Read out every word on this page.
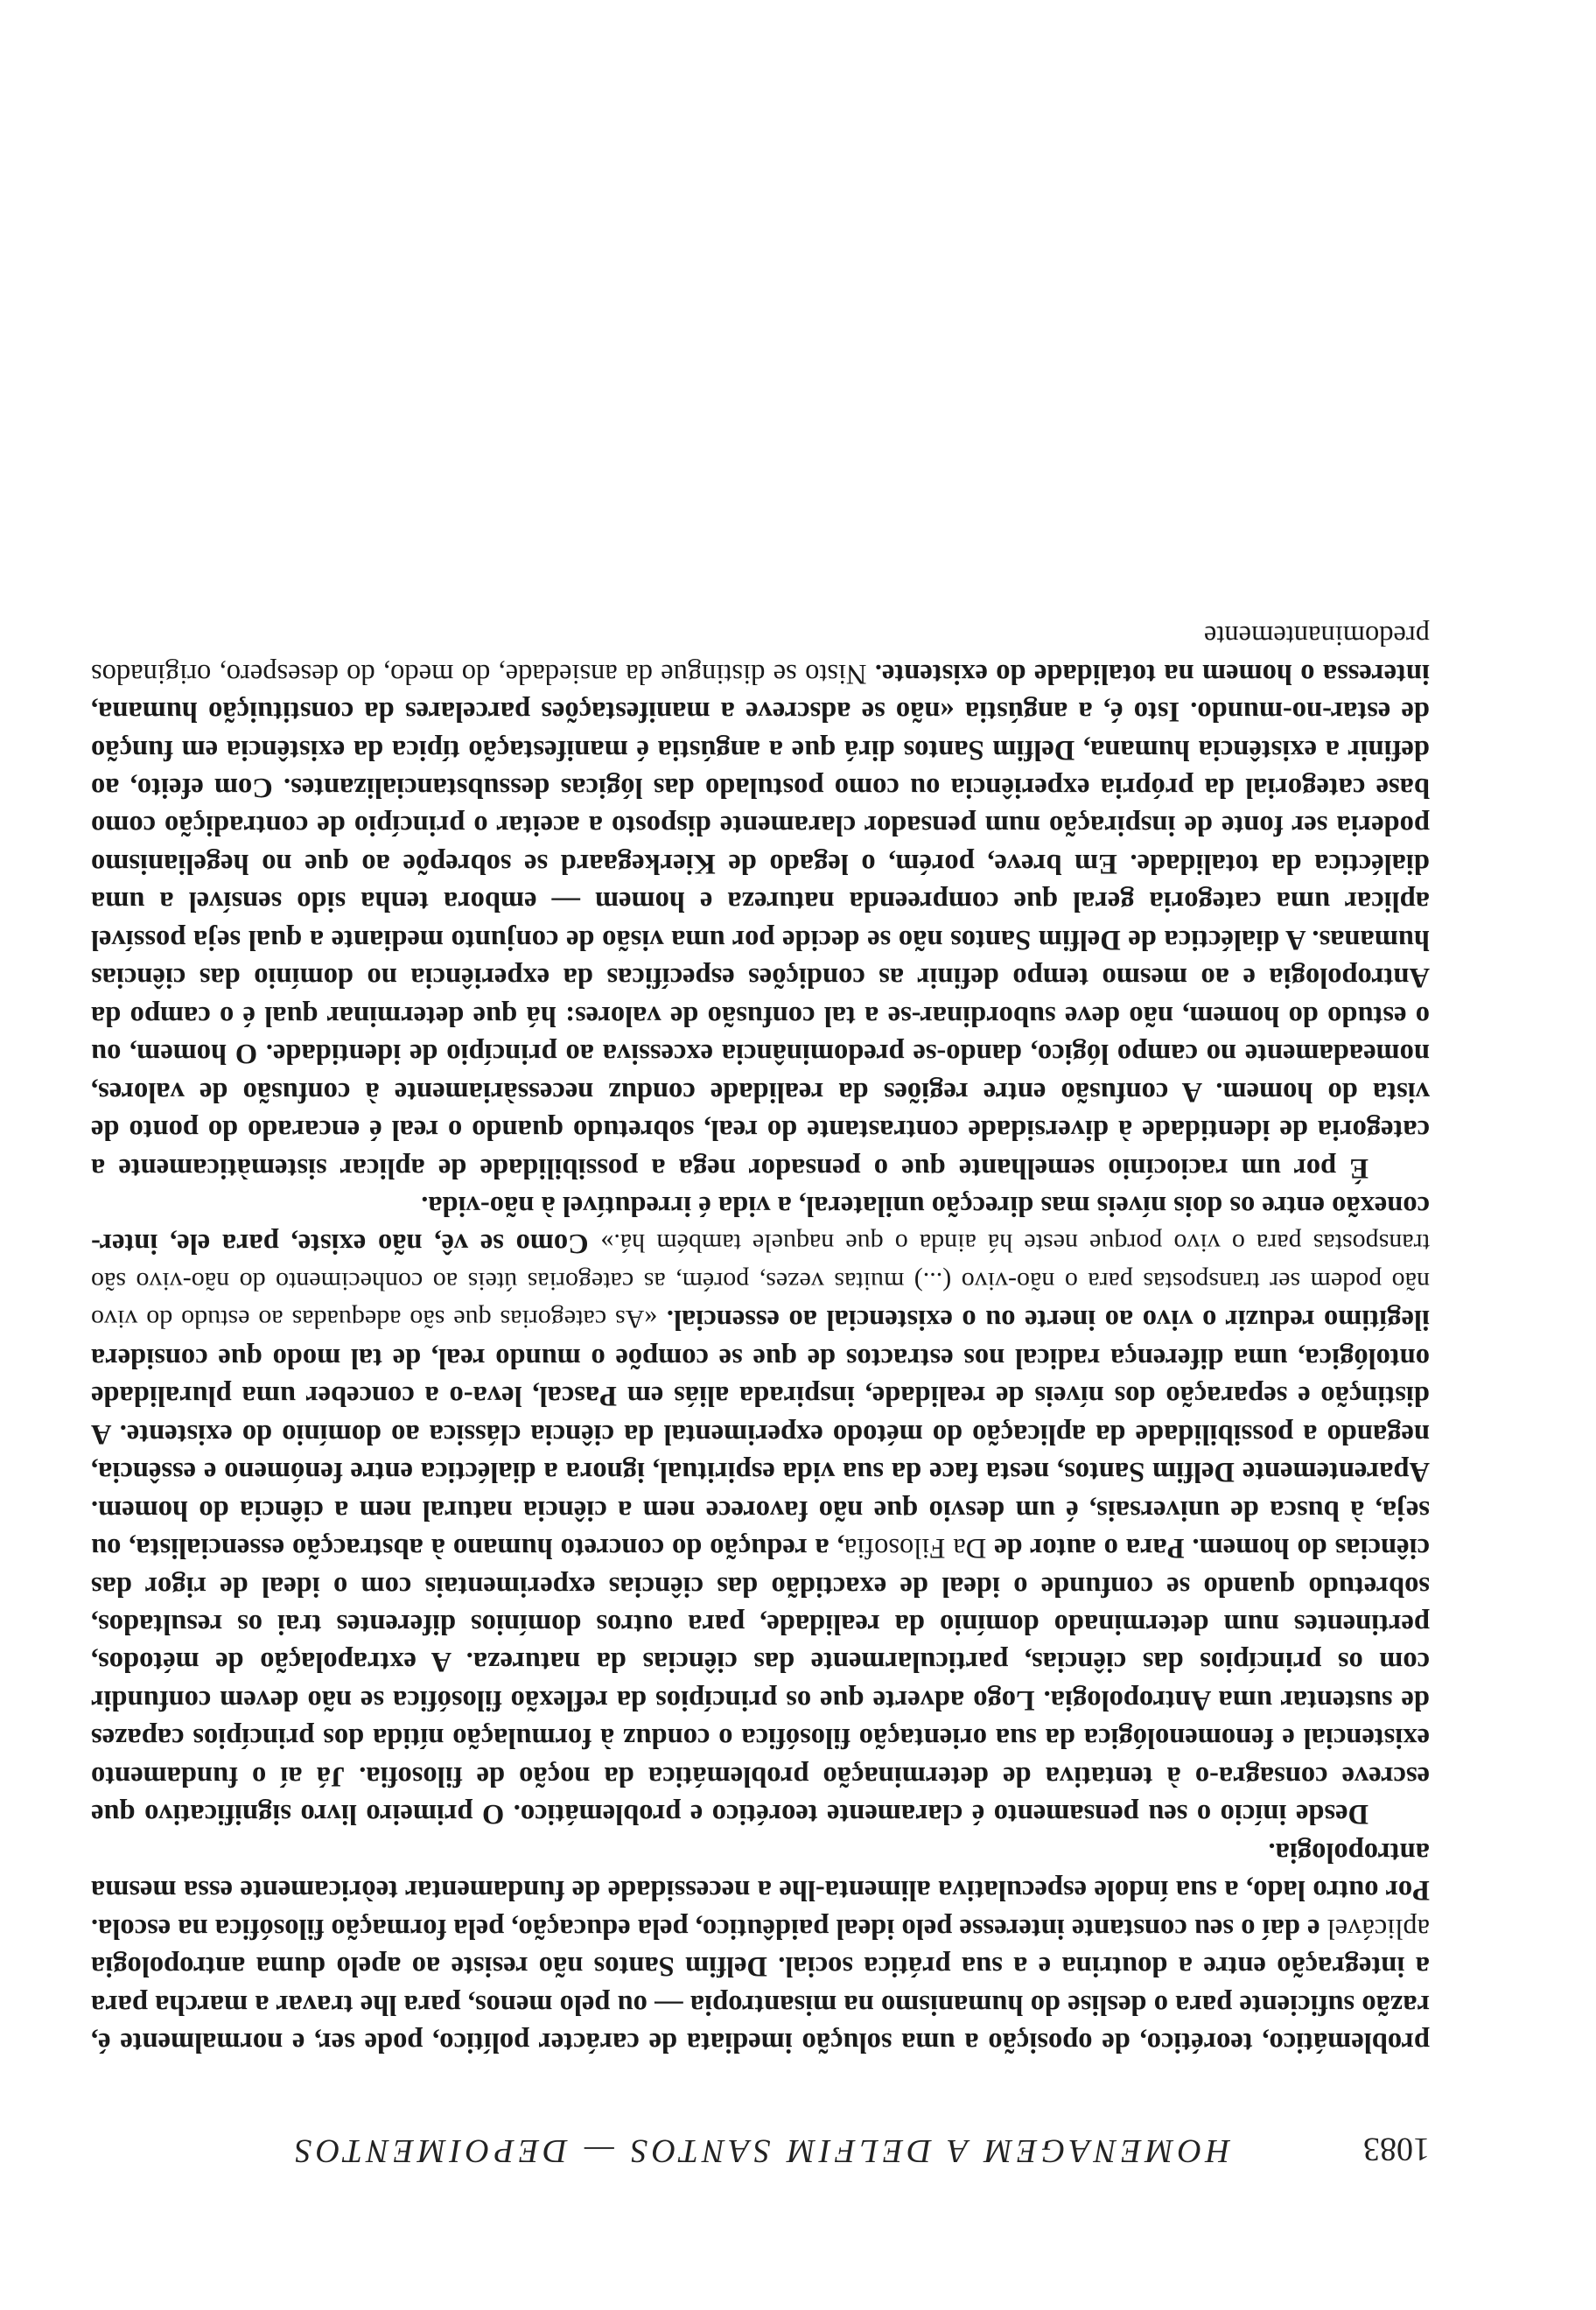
HOMENAGEM A DELFIM SANTOS — DEPOIMENTOS	1083

problemático, teorético, de oposição a uma solução imediata de carácter político, pode ser, e normalmente é, razão suficiente para o deslise do humanismo na misantropia — ou pelo menos, para lhe travar a marcha para a integração entre a doutrina e a sua prática social. Delfim Santos não resiste ao apelo duma antropologia aplicável e daí o seu constante interesse pelo ideal paidêutico, pela educação, pela formação filosófica na escola. Por outro lado, a sua índole especulativa alimenta-lhe a necessidade de fundamentar teòricamente essa mesma antropologia.

Desde início o seu pensamento é claramente teorético e problemático. O primeiro livro significativo que escreve consagra-o à tentativa de determinação problemática da noção de filosofia. Já aí o fundamento existencial e fenomenológica da sua orientação filosófica o conduz à formulação nítida dos princípios capazes de sustentar uma Antropologia. Logo adverte que os princípios da reflexão filosófica se não devem confundir com os princípios das ciências, particularmente das ciências da natureza. A extrapolação de métodos, pertinentes num determinado domínio da realidade, para outros domínios diferentes trai os resultados, sobretudo quando se confunde o ideal de exactidão das ciências experimentais com o ideal de rigor das ciências do homem. Para o autor de Da Filosofia, a redução do concreto humano à abstracção essencialista, ou seja, à busca de universais, é um desvio que não favorece nem a ciência natural nem a ciência do homem. Aparentemente Delfim Santos, nesta face da sua vida espiritual, ignora a dialéctica entre fenómeno e essência, negando a possibilidade da aplicação do método experimental da ciência clássica ao domínio do existente. A distinção e separação dos níveis de realidade, inspirada aliás em Pascal, leva-o a conceber uma pluralidade ontológica, uma diferença radical nos estractos de que se compõe o mundo real, de tal modo que considera ilegítimo reduzir o vivo ao inerte ou o existencial ao essencial. «As categorias que são adequadas ao estudo do vivo não podem ser transpostas para o não-vivo (...) muitas vezes, porém, as categorias úteis ao conhecimento do não-vivo são transpostas para o vivo porque neste há ainda o que naquele também há.» Como se vê, não existe, para ele, inter-conexão entre os dois níveis mas direcção unilateral, a vida é irredutível à não-vida.

É por um raciocínio semelhante que o pensador nega a possibilidade de aplicar sistemàticamente a categoria de identidade à diversidade contrastante do real, sobretudo quando o real é encarado do ponto de vista do homem. A confusão entre regiões da realidade conduz necessàriamente à confusão de valores, nomeadamente no campo lógico, dando-se predominância excessiva ao princípio de identidade. O homem, ou o estudo do homem, não deve subordinar-se a tal confusão de valores: há que determinar qual é o campo da Antropologia e ao mesmo tempo definir as condições específicas da experiência no domínio das ciências humanas. A dialéctica de Delfim Santos não se decide por uma visão de conjunto mediante a qual seja possível aplicar uma categoria geral que compreenda natureza e homem — embora tenha sido sensível a uma dialéctica da totalidade. Em breve, porém, o legado de Kierkegaard se sobrepõe ao que no hegelianismo poderia ser fonte de inspiração num pensador claramente disposto a aceitar o princípio de contradição como base categorial da própria experiência ou como postulado das lógicas dessubstancializantes. Com efeito, ao definir a existência humana, Delfim Santos dirá que a angústia é manifestação típica da existência em função de estar-no-mundo. Isto é, a angústia «não se adscreve a manifestações parcelares da constituição humana, interessa o homem na totalidade do existente. Nisto se distingue da ansiedade, do medo, do desespero, originados predominantemente
